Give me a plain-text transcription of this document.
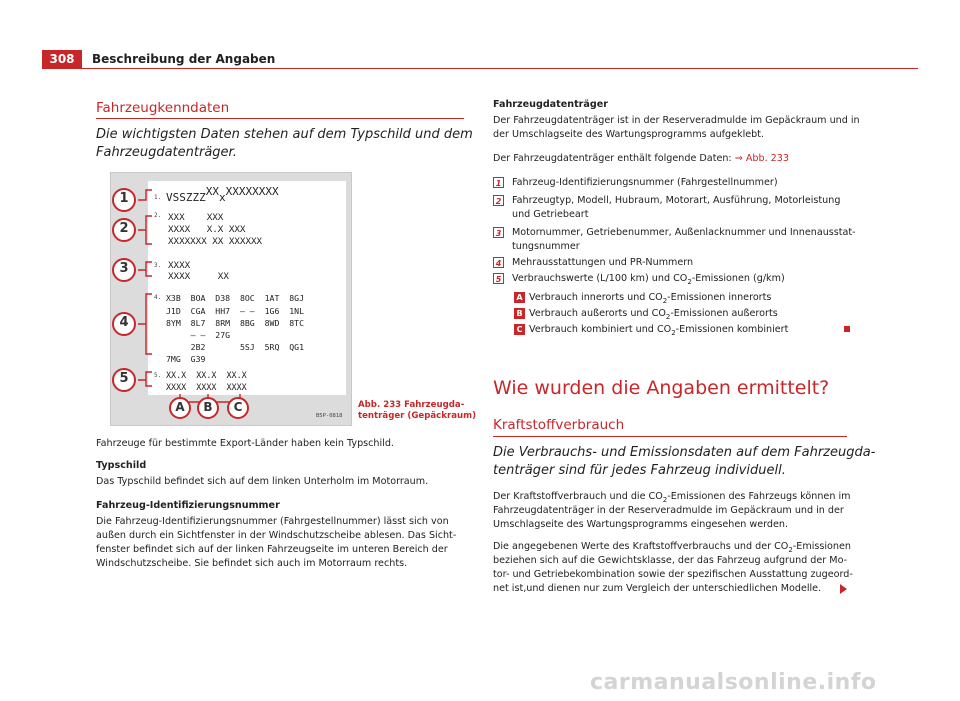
308	Beschreibung der Angaben
Fahrzeugkenndaten
Die wichtigsten Daten stehen auf dem Typschild und dem
Fahrzeugdatenträger.
1
2
3
4
5
A B C
1.
2.
3.
4.
5.
$VSSZZZ^{XX}x^{XXXXXXXX}$
XXX    XXX
XXXX   X.X XXX
XXXXXXX XX XXXXXX
XXXX
XXXX     XX
X3B  BOA  D38  8OC  1AT  8GJ
J1D  CGA  HH7  – –  1G6  1NL
8YM  8L7  8RM  8BG  8WD  8TC
– –  27G
2B2       5SJ  5RQ  QG1
7MG  G39
XX.X  XX.X  XX.X
XXXX  XXXX  XXXX
B5P-0818
Abb. 233 Fahrzeugda-
tenträger (Gepäckraum)
Fahrzeuge für bestimmte Export-Länder haben kein Typschild.
Typschild
Das Typschild befindet sich auf dem linken Unterholm im Motorraum.
Fahrzeug-Identifizierungsnummer
Die Fahrzeug-Identifizierungsnummer (Fahrgestellnummer) lässt sich von
außen durch ein Sichtfenster in der Windschutzscheibe ablesen. Das Sicht-
fenster befindet sich auf der linken Fahrzeugseite im unteren Bereich der
Windschutzscheibe. Sie befindet sich auch im Motorraum rechts.
Fahrzeugdatenträger
Der Fahrzeugdatenträger ist in der Reserveradmulde im Gepäckraum und in
der Umschlagseite des Wartungsprogramms aufgeklebt.
Der Fahrzeugdatenträger enthält folgende Daten: ⇒ Abb. 233
1 Fahrzeug-Identifizierungsnummer (Fahrgestellnummer)
2 Fahrzeugtyp, Modell, Hubraum, Motorart, Ausführung, Motorleistung
und Getriebeart
3 Motornummer, Getriebenummer, Außenlacknummer und Innenausstat-
tungsnummer
4 Mehrausstattungen und PR-Nummern
5 Verbrauchswerte (L/100 km) und $CO_2$-Emissionen (g/km)
A Verbrauch innerorts und $CO_2$-Emissionen innerorts
B Verbrauch außerorts und $CO_2$-Emissionen außerorts
C Verbrauch kombiniert und $CO_2$-Emissionen kombiniert
Wie wurden die Angaben ermittelt?
Kraftstoffverbrauch
Die Verbrauchs- und Emissionsdaten auf dem Fahrzeugda-
tenträger sind für jedes Fahrzeug individuell.
Der Kraftstoffverbrauch und die $CO_2$-Emissionen des Fahrzeugs können im
Fahrzeugdatenträger in der Reserveradmulde im Gepäckraum und in der
Umschlagseite des Wartungsprogramms eingesehen werden.
Die angegebenen Werte des Kraftstoffverbrauchs und der $CO_2$-Emissionen
beziehen sich auf die Gewichtsklasse, der das Fahrzeug aufgrund der Mo-
tor- und Getriebekombination sowie der spezifischen Ausstattung zugeord-
net ist,und dienen nur zum Vergleich der unterschiedlichen Modelle.
carmanualsonline.info
